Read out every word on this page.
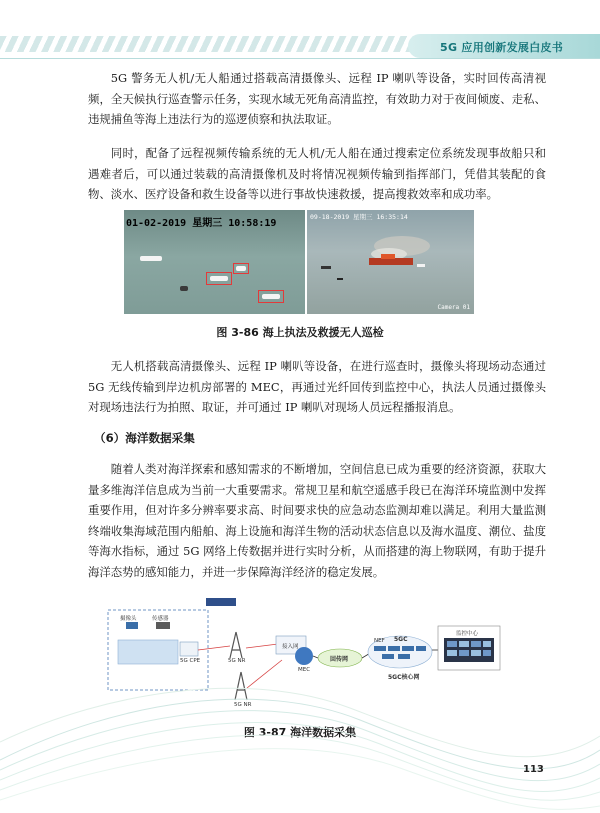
5G 应用创新发展白皮书

5G 警务无人机/无人船通过搭载高清摄像头、远程 IP 喇叭等设备，实时回传高清视频，全天候执行巡查警示任务，实现水域无死角高清监控，有效助力对于夜间倾废、走私、违规捕鱼等海上违法行为的巡逻侦察和执法取证。

同时，配备了远程视频传输系统的无人机/无人船在通过搜索定位系统发现事故船只和遇难者后，可以通过装载的高清摄像机及时将情况视频传输到指挥部门，凭借其装配的食物、淡水、医疗设备和救生设备等以进行事故快速救援，提高搜救效率和成功率。

01-02-2019 星期三 10:58:19
09-18-2019 星期三 16:35:14
Camera 01
图 3-86 海上执法及救援无人巡检

无人机搭载高清摄像头、远程 IP 喇叭等设备，在进行巡查时，摄像头将现场动态通过 5G 无线传输到岸边机房部署的 MEC，再通过光纤回传到监控中心，执法人员通过摄像头对现场违法行为拍照、取证，并可通过 IP 喇叭对现场人员远程播报消息。

（6）海洋数据采集

随着人类对海洋探索和感知需求的不断增加，空间信息已成为重要的经济资源，获取大量多维海洋信息成为当前一大重要需求。常规卫星和航空遥感手段已在海洋环境监测中发挥重要作用，但对许多分辨率要求高、时间要求快的应急动态监测却难以满足。利用大量监测终端收集海域范围内船舶、海上设施和海洋生物的活动状态信息以及海水温度、潮位、盐度等海水指标，通过 5G 网络上传数据并进行实时分析，从而搭建的海上物联网，有助于提升海洋态势的感知能力，并进一步保障海洋经济的稳定发展。

摄像头	传感器
5G CPE	5G NR
5G NR
接入网
MEC
回传网
5GC
NEF
5GC核心网
监控中心
图 3-87 海洋数据采集
113
